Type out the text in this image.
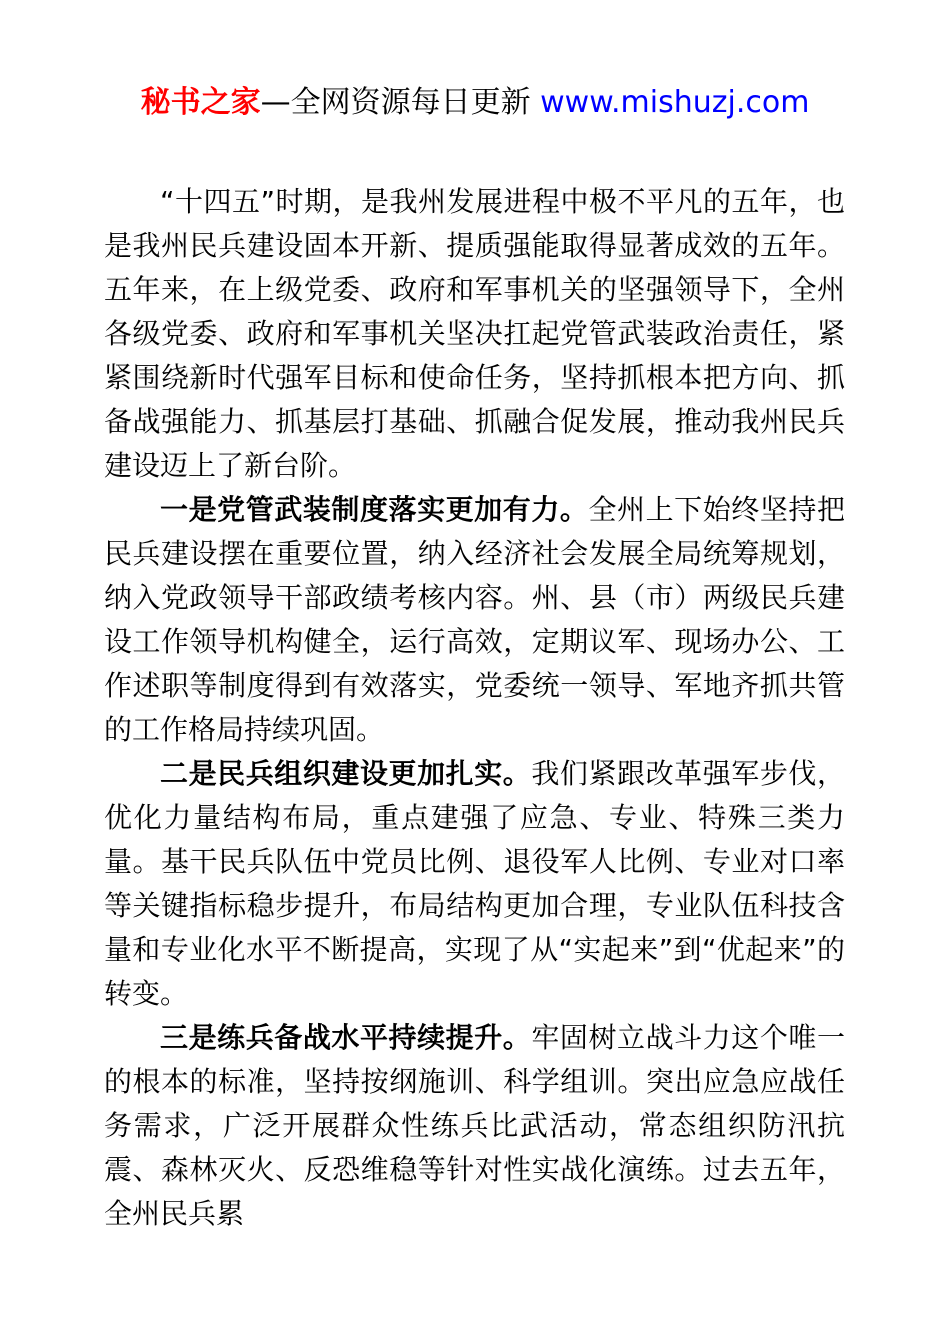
秘书之家—全网资源每日更新 www.mishuzj.com

“十四五”时期，是我州发展进程中极不平凡的五年，也是我州民兵建设固本开新、提质强能取得显著成效的五年。五年来，在上级党委、政府和军事机关的坚强领导下，全州各级党委、政府和军事机关坚决扛起党管武装政治责任，紧紧围绕新时代强军目标和使命任务，坚持抓根本把方向、抓备战强能力、抓基层打基础、抓融合促发展，推动我州民兵建设迈上了新台阶。

一是党管武装制度落实更加有力。全州上下始终坚持把民兵建设摆在重要位置，纳入经济社会发展全局统筹规划，纳入党政领导干部政绩考核内容。州、县（市）两级民兵建设工作领导机构健全，运行高效，定期议军、现场办公、工作述职等制度得到有效落实，党委统一领导、军地齐抓共管的工作格局持续巩固。

二是民兵组织建设更加扎实。我们紧跟改革强军步伐，优化力量结构布局，重点建强了应急、专业、特殊三类力量。基干民兵队伍中党员比例、退役军人比例、专业对口率等关键指标稳步提升，布局结构更加合理，专业队伍科技含量和专业化水平不断提高，实现了从“实起来”到“优起来”的转变。

三是练兵备战水平持续提升。牢固树立战斗力这个唯一的根本的标准，坚持按纲施训、科学组训。突出应急应战任务需求，广泛开展群众性练兵比武活动，常态组织防汛抗震、森林灭火、反恐维稳等针对性实战化演练。过去五年，全州民兵累
